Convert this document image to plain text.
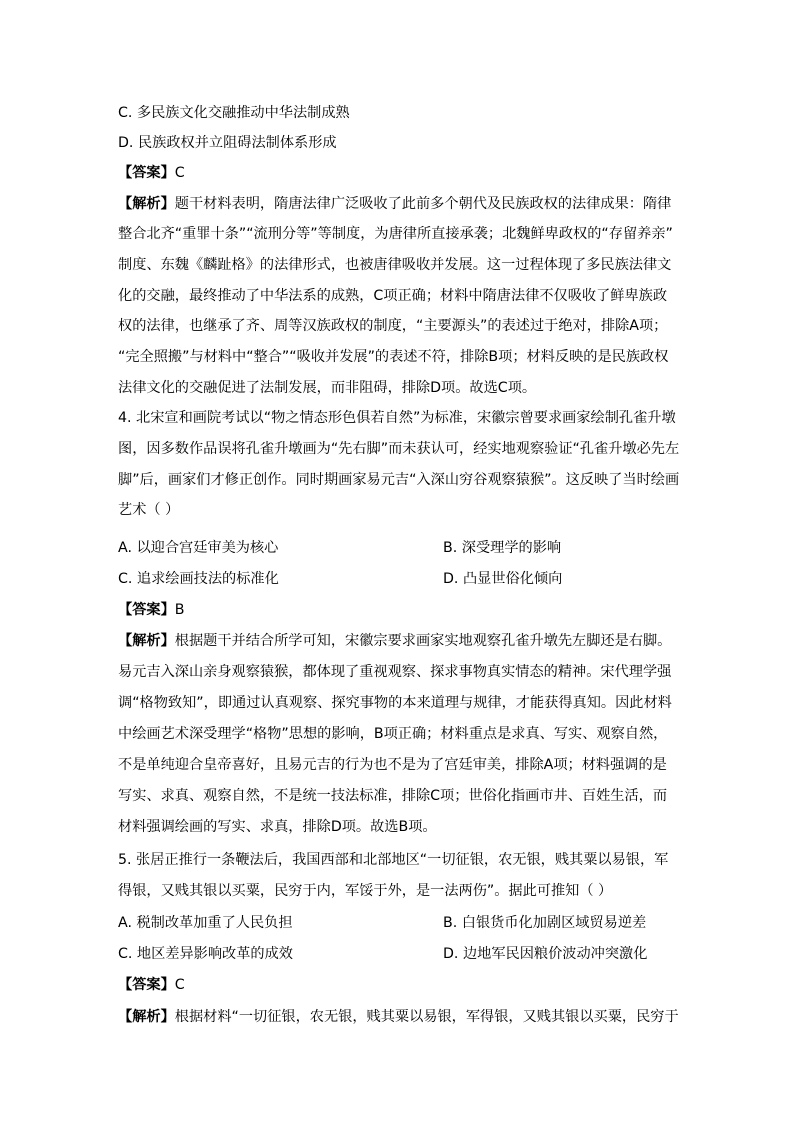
C. 多民族文化交融推动中华法制成熟
D. 民族政权并立阻碍法制体系形成
【答案】C
【解析】题干材料表明，隋唐法律广泛吸收了此前多个朝代及民族政权的法律成果：隋律
整合北齐“重罪十条”“流刑分等”等制度，为唐律所直接承袭；北魏鲜卑政权的“存留养亲”
制度、东魏《麟趾格》的法律形式，也被唐律吸收并发展。这一过程体现了多民族法律文
化的交融，最终推动了中华法系的成熟，C项正确；材料中隋唐法律不仅吸收了鲜卑族政
权的法律，也继承了齐、周等汉族政权的制度，“主要源头”的表述过于绝对，排除A项；
“完全照搬”与材料中“整合”“吸收并发展”的表述不符，排除B项；材料反映的是民族政权
法律文化的交融促进了法制发展，而非阻碍，排除D项。故选C项。
4. 北宋宣和画院考试以“物之情态形色俱若自然”为标准，宋徽宗曾要求画家绘制孔雀升墩
图，因多数作品误将孔雀升墩画为“先右脚”而未获认可，经实地观察验证“孔雀升墩必先左
脚”后，画家们才修正创作。同时期画家易元吉“入深山穷谷观察猿猴”。这反映了当时绘画
艺术（ ）
A. 以迎合宫廷审美为核心	B. 深受理学的影响
C. 追求绘画技法的标准化	D. 凸显世俗化倾向
【答案】B
【解析】根据题干并结合所学可知，宋徽宗要求画家实地观察孔雀升墩先左脚还是右脚。
易元吉入深山亲身观察猿猴，都体现了重视观察、探求事物真实情态的精神。宋代理学强
调“格物致知”，即通过认真观察、探究事物的本来道理与规律，才能获得真知。因此材料
中绘画艺术深受理学“格物”思想的影响，B项正确；材料重点是求真、写实、观察自然，
不是单纯迎合皇帝喜好，且易元吉的行为也不是为了宫廷审美，排除A项；材料强调的是
写实、求真、观察自然，不是统一技法标准，排除C项；世俗化指画市井、百姓生活，而
材料强调绘画的写实、求真，排除D项。故选B项。
5. 张居正推行一条鞭法后，我国西部和北部地区“一切征银，农无银，贱其粟以易银，军
得银，又贱其银以买粟，民穷于内，军馁于外，是一法两伤”。据此可推知（ ）
A. 税制改革加重了人民负担	B. 白银货币化加剧区域贸易逆差
C. 地区差异影响改革的成效	D. 边地军民因粮价波动冲突激化
【答案】C
【解析】根据材料“一切征银，农无银，贱其粟以易银，军得银，又贱其银以买粟，民穷于
